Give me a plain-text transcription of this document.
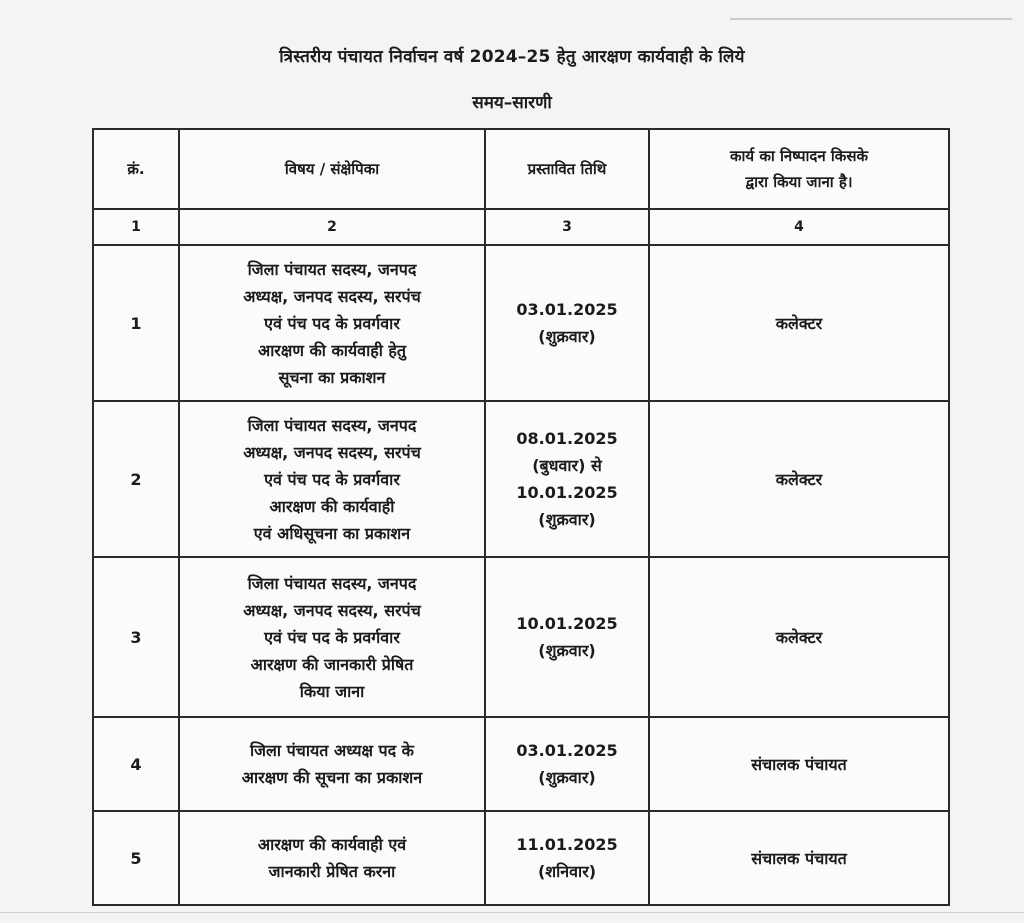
त्रिस्तरीय पंचायत निर्वाचन वर्ष 2024–25 हेतु आरक्षण कार्यवाही के लिये
समय–सारणी
क्रं.	विषय / संक्षेपिका	प्रस्तावित तिथि	कार्य का निष्पादन किसके
द्वारा किया जाना है।
1	2	3	4
1	जिला पंचायत सदस्य, जनपद
अध्यक्ष, जनपद सदस्य, सरपंच
एवं पंच पद के प्रवर्गवार
आरक्षण की कार्यवाही हेतु
सूचना का प्रकाशन	03.01.2025
(शुक्रवार)	कलेक्टर
2	जिला पंचायत सदस्य, जनपद
अध्यक्ष, जनपद सदस्य, सरपंच
एवं पंच पद के प्रवर्गवार
आरक्षण की कार्यवाही
एवं अधिसूचना का प्रकाशन	08.01.2025
(बुधवार) से
10.01.2025
(शुक्रवार)	कलेक्टर
3	जिला पंचायत सदस्य, जनपद
अध्यक्ष, जनपद सदस्य, सरपंच
एवं पंच पद के प्रवर्गवार
आरक्षण की जानकारी प्रेषित
किया जाना	10.01.2025
(शुक्रवार)	कलेक्टर
4	जिला पंचायत अध्यक्ष पद के
आरक्षण की सूचना का प्रकाशन	03.01.2025
(शुक्रवार)	संचालक पंचायत
5	आरक्षण की कार्यवाही एवं
जानकारी प्रेषित करना	11.01.2025
(शनिवार)	संचालक पंचायत
